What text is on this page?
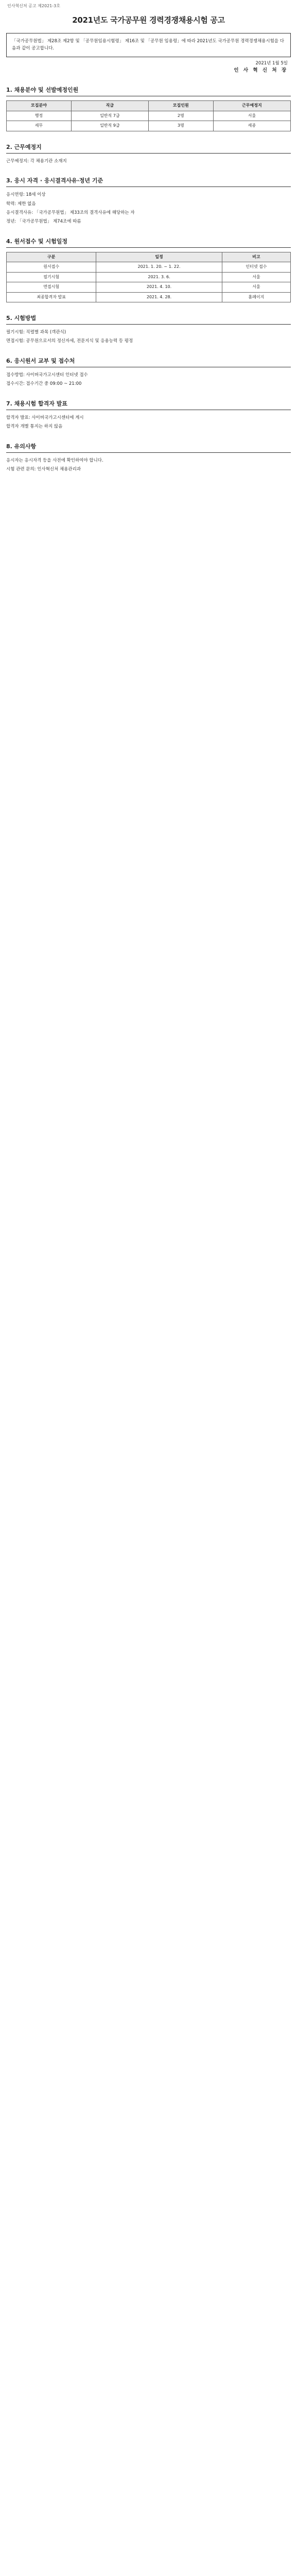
인사혁신처 공고 제2021-3호
2021년도 국가공무원 경력경쟁채용시험 공고
「국가공무원법」 제28조 제2항 및 「공무원임용시험령」 제16조 및 「공무원 임용령」에 따라 2021년도 국가공무원 경력경쟁채용시험을 다음과 같이 공고합니다.
2021년 1월 5일
인 사 혁 신 처 장
1. 채용분야 및 선발예정인원
모집분야	직급	모집인원	근무예정지
행정	일반직 7급	2명	서울
세무	일반직 9급	3명	세종
2. 근무예정지
근무예정지: 각 채용기관 소재지
3. 응시 자격 · 응시결격사유·정년 기준
응시연령: 18세 이상
학력: 제한 없음
응시결격사유: 「국가공무원법」 제33조의 결격사유에 해당하는 자
정년: 「국가공무원법」 제74조에 따름
4. 원서접수 및 시험일정
구분	일정	비고
원서접수	2021. 1. 20. ~ 1. 22.	인터넷 접수
필기시험	2021. 3. 6.	서울
면접시험	2021. 4. 10.	서울
최종합격자 발표	2021. 4. 28.	홈페이지
5. 시험방법
필기시험: 직렬별 과목 (객관식)
면접시험: 공무원으로서의 정신자세, 전문지식 및 응용능력 등 평정
6. 응시원서 교부 및 접수처
접수방법: 사이버국가고시센터 인터넷 접수
접수시간: 접수기간 중 09:00 ~ 21:00
7. 채용시험 합격자 발표
합격자 발표: 사이버국가고시센터에 게시
합격자 개별 통지는 하지 않음
8. 유의사항
응시자는 응시자격 등을 사전에 확인하여야 합니다.
시험 관련 문의: 인사혁신처 채용관리과
